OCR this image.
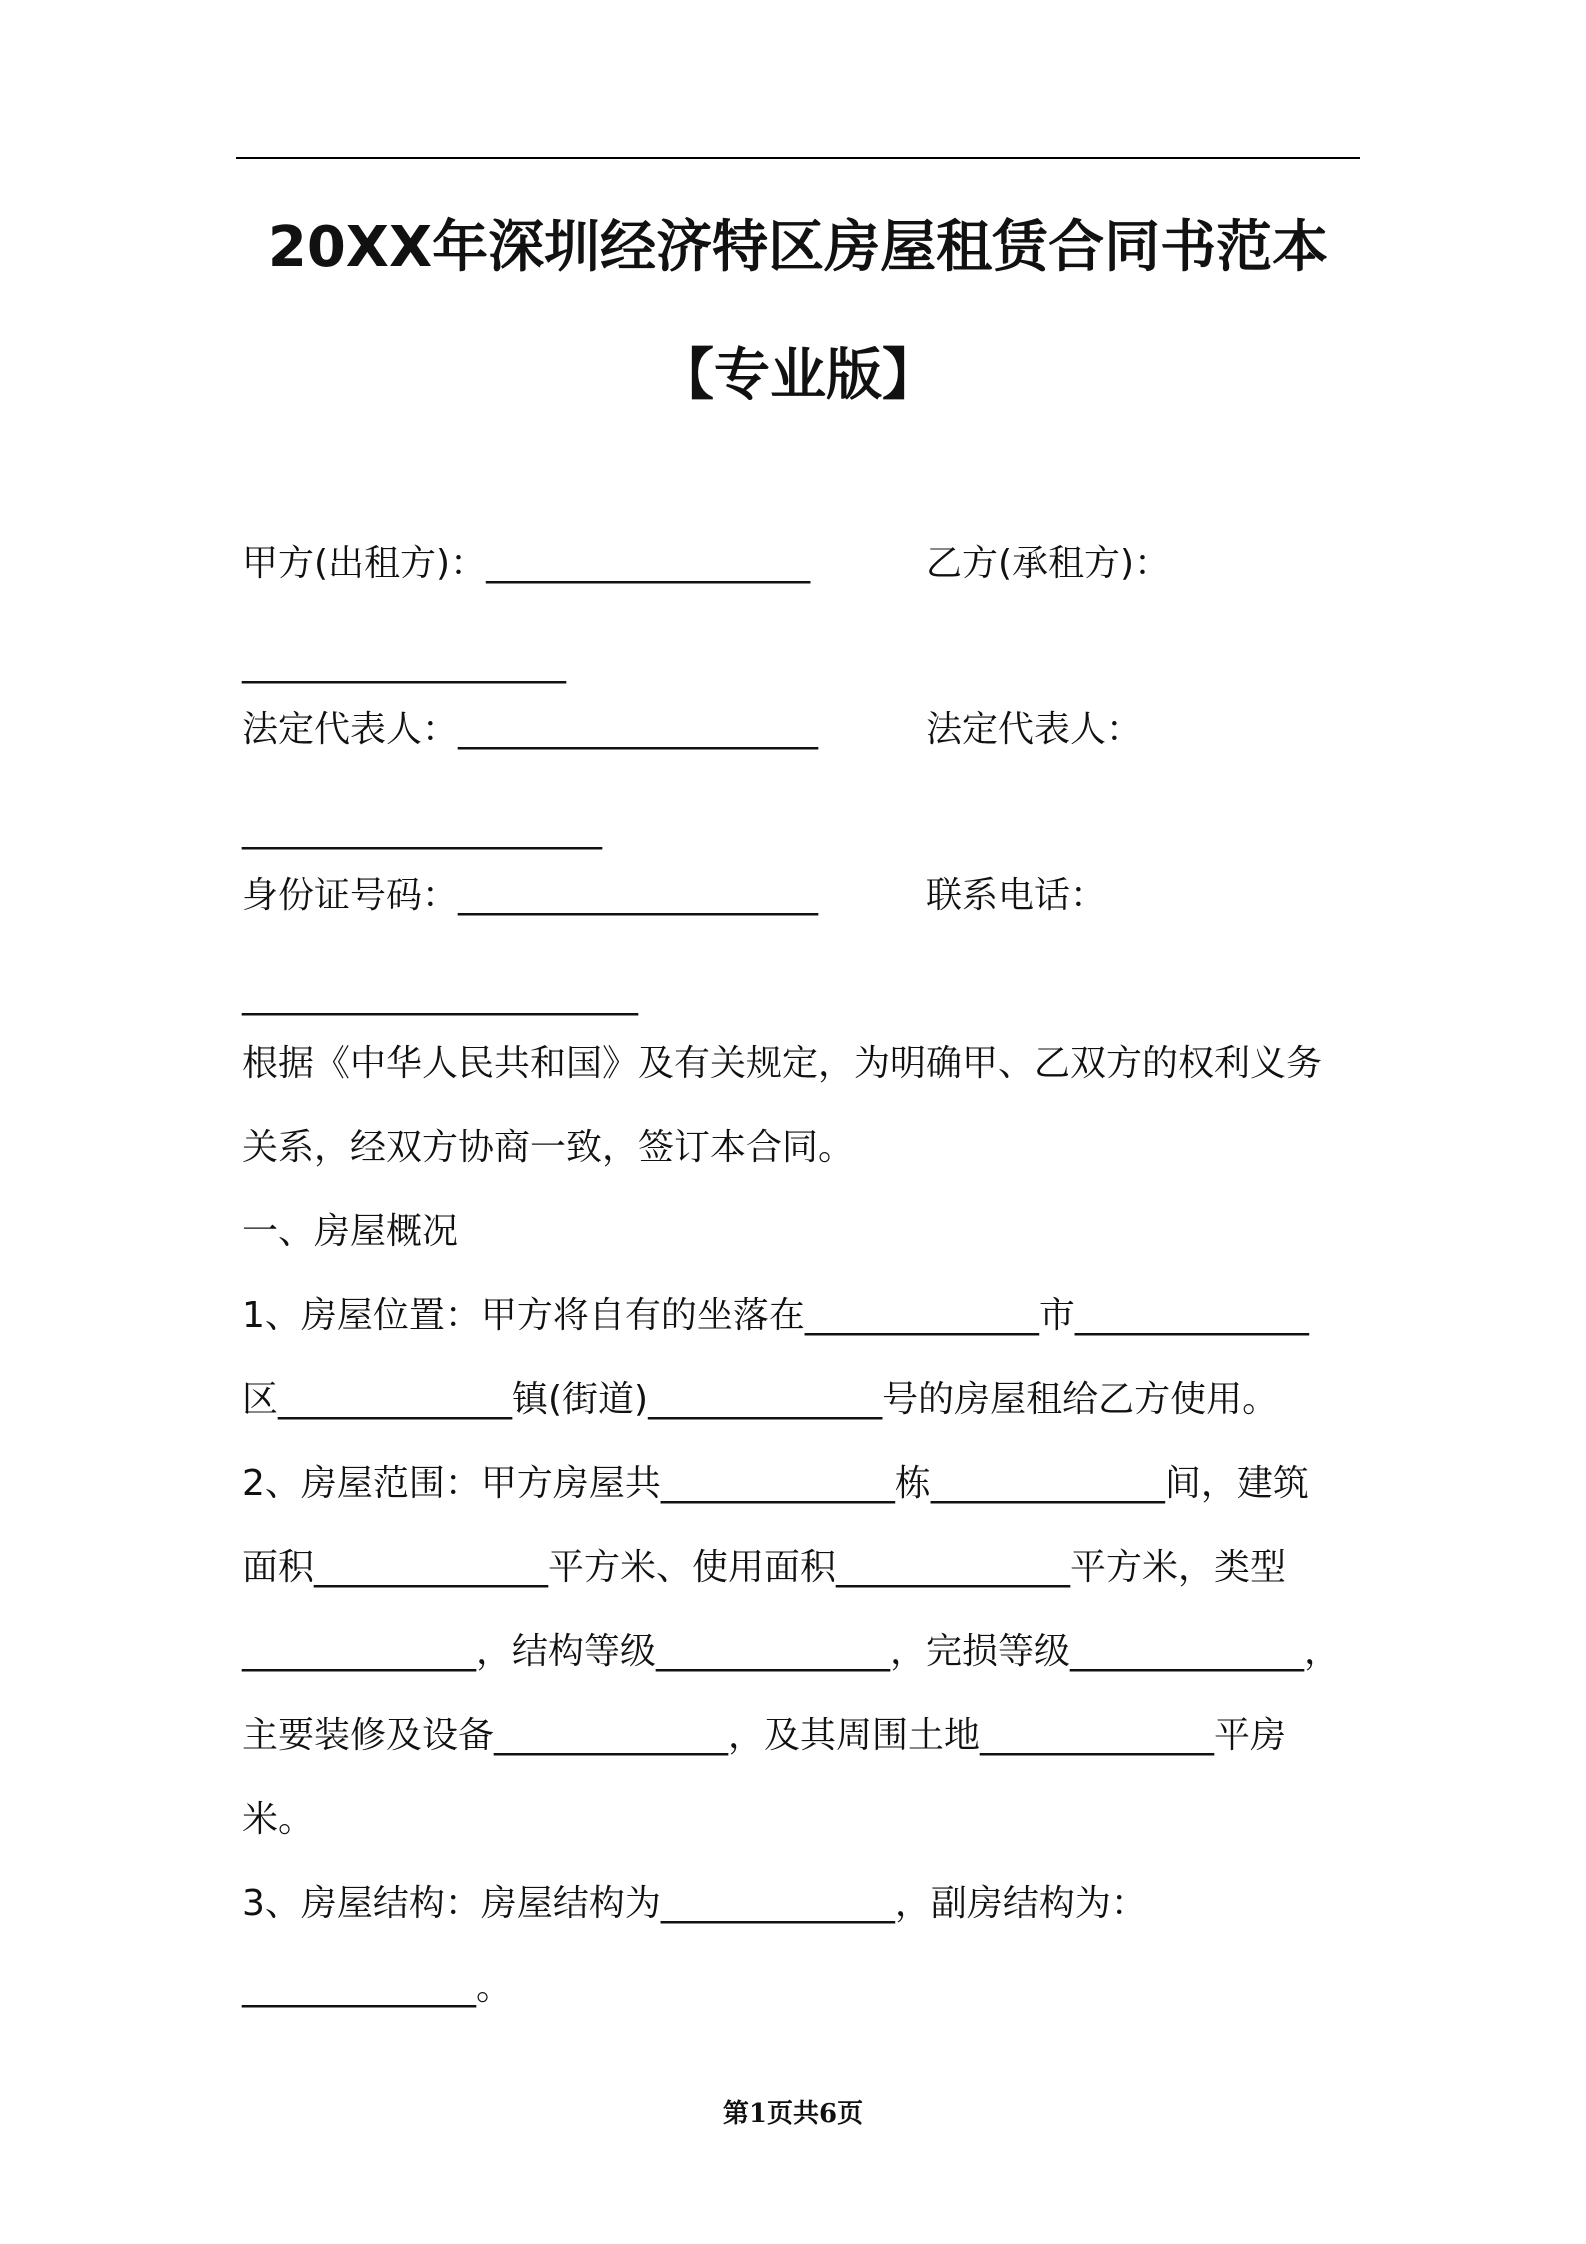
20XX年深圳经济特区房屋租赁合同书范本
【专业版】
甲方(出租方)：__________________	乙方(承租方)：
__________________
法定代表人：____________________	法定代表人：
____________________
身份证号码：____________________	联系电话：
______________________
根据《中华人民共和国》及有关规定，为明确甲、乙双方的权利义务
关系，经双方协商一致，签订本合同。
一、房屋概况
1、房屋位置：甲方将自有的坐落在_____________市_____________
区_____________镇(街道)_____________号的房屋租给乙方使用。
2、房屋范围：甲方房屋共_____________栋_____________间，建筑
面积_____________平方米、使用面积_____________平方米，类型
_____________，结构等级_____________，完损等级_____________，
主要装修及设备_____________，及其周围土地_____________平房
米。
3、房屋结构：房屋结构为_____________，副房结构为：
_____________。
第1页共6页
